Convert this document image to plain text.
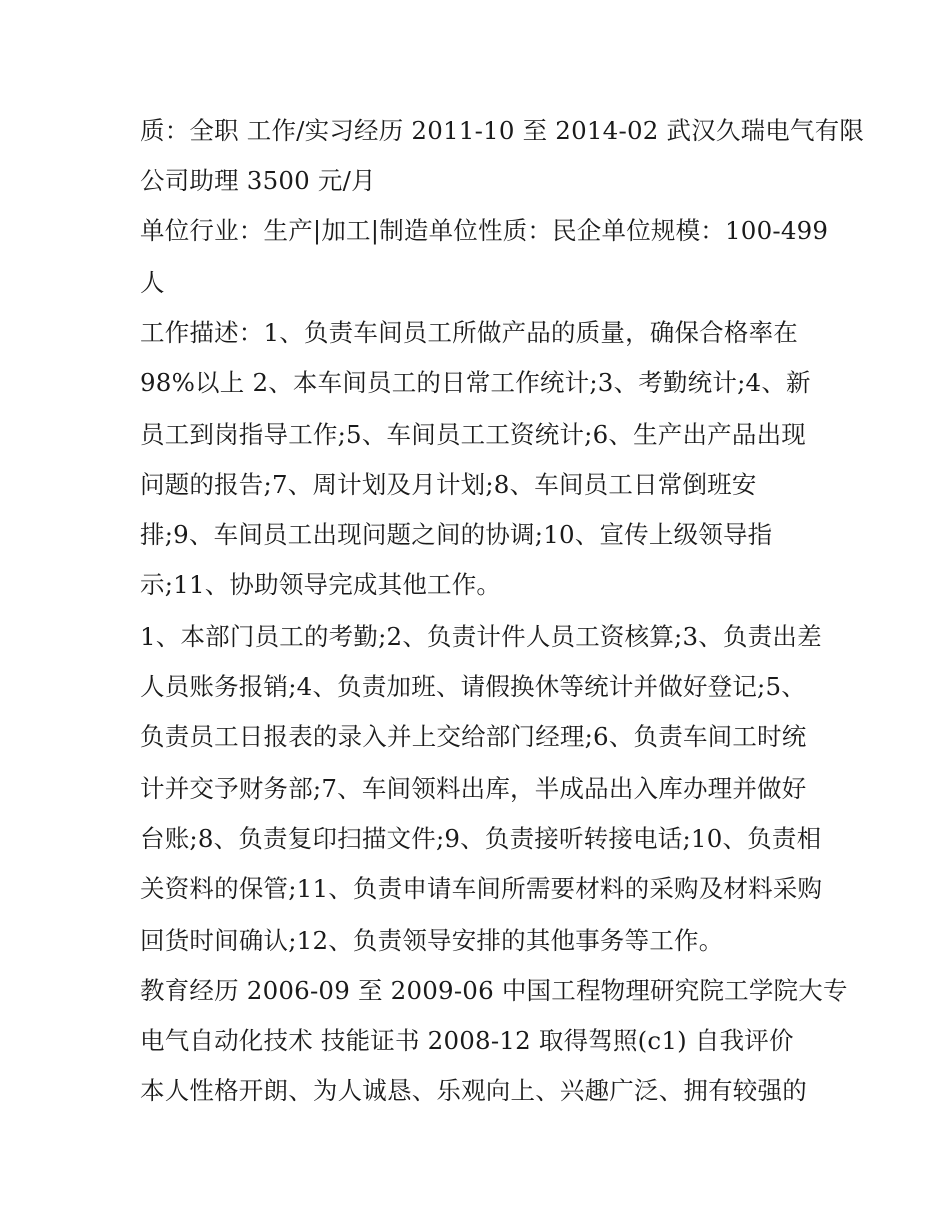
质：全职 工作/实习经历 2011-10 至 2014-02 武汉久瑞电气有限
公司助理 3500 元/月
单位行业：生产|加工|制造单位性质：民企单位规模：100-499
人
工作描述：1、负责车间员工所做产品的质量，确保合格率在
98%以上 2、本车间员工的日常工作统计;3、考勤统计;4、新
员工到岗指导工作;5、车间员工工资统计;6、生产出产品出现
问题的报告;7、周计划及月计划;8、车间员工日常倒班安
排;9、车间员工出现问题之间的协调;10、宣传上级领导指
示;11、协助领导完成其他工作。
1、本部门员工的考勤;2、负责计件人员工资核算;3、负责出差
人员账务报销;4、负责加班、请假换休等统计并做好登记;5、
负责员工日报表的录入并上交给部门经理;6、负责车间工时统
计并交予财务部;7、车间领料出库，半成品出入库办理并做好
台账;8、负责复印扫描文件;9、负责接听转接电话;10、负责相
关资料的保管;11、负责申请车间所需要材料的采购及材料采购
回货时间确认;12、负责领导安排的其他事务等工作。
教育经历 2006-09 至 2009-06 中国工程物理研究院工学院大专
电气自动化技术 技能证书 2008-12 取得驾照(c1) 自我评价
本人性格开朗、为人诚恳、乐观向上、兴趣广泛、拥有较强的
